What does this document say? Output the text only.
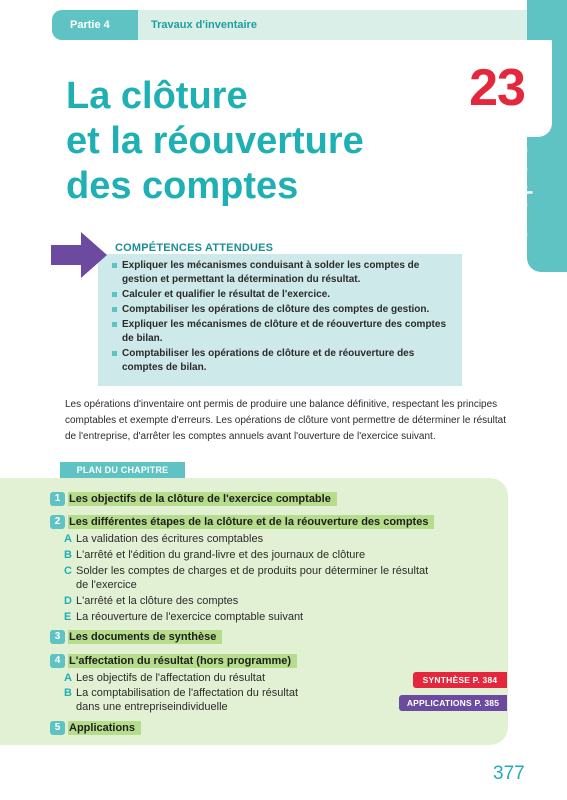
Partie 4	Travaux d'inventaire
23
Chapitre
La clôture
et la réouverture
des comptes
COMPÉTENCES ATTENDUES
Expliquer les mécanismes conduisant à solder les comptes de gestion et permettant la détermination du résultat.
Calculer et qualifier le résultat de l'exercice.
Comptabiliser les opérations de clôture des comptes de gestion.
Expliquer les mécanismes de clôture et de réouverture des comptes de bilan.
Comptabiliser les opérations de clôture et de réouverture des comptes de bilan.

Les opérations d'inventaire ont permis de produire une balance définitive, respectant les principes comptables et exempte d'erreurs. Les opérations de clôture vont permettre de déterminer le résultat de l'entreprise, d'arrêter les comptes annuels avant l'ouverture de l'exercice suivant.

PLAN DU CHAPITRE
1 Les objectifs de la clôture de l'exercice comptable
2 Les différentes étapes de la clôture et de la réouverture des comptes
A La validation des écritures comptables
B L'arrêté et l'édition du grand-livre et des journaux de clôture
C Solder les comptes de charges et de produits pour déterminer le résultat
de l'exercice
D L'arrêté et la clôture des comptes
E La réouverture de l'exercice comptable suivant
3 Les documents de synthèse
4 L'affectation du résultat (hors programme)
A Les objectifs de l'affectation du résultat
B La comptabilisation de l'affectation du résultat
dans une entrepriseindividuelle
5 Applications
SYNTHÈSE P. 384
APPLICATIONS P. 385
377
